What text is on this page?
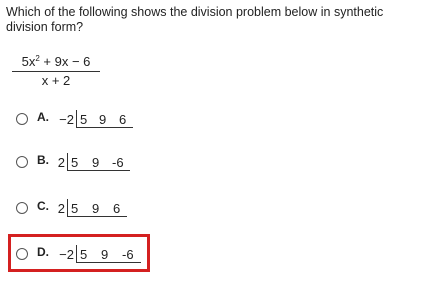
Which of the following shows the division problem below in synthetic division form?
$5x^2 + 9x - 6$
x + 2
A. −2 5 9 6
B. 2 5 9 -6
C. 2 5 9 6
D. −2 5 9 -6
